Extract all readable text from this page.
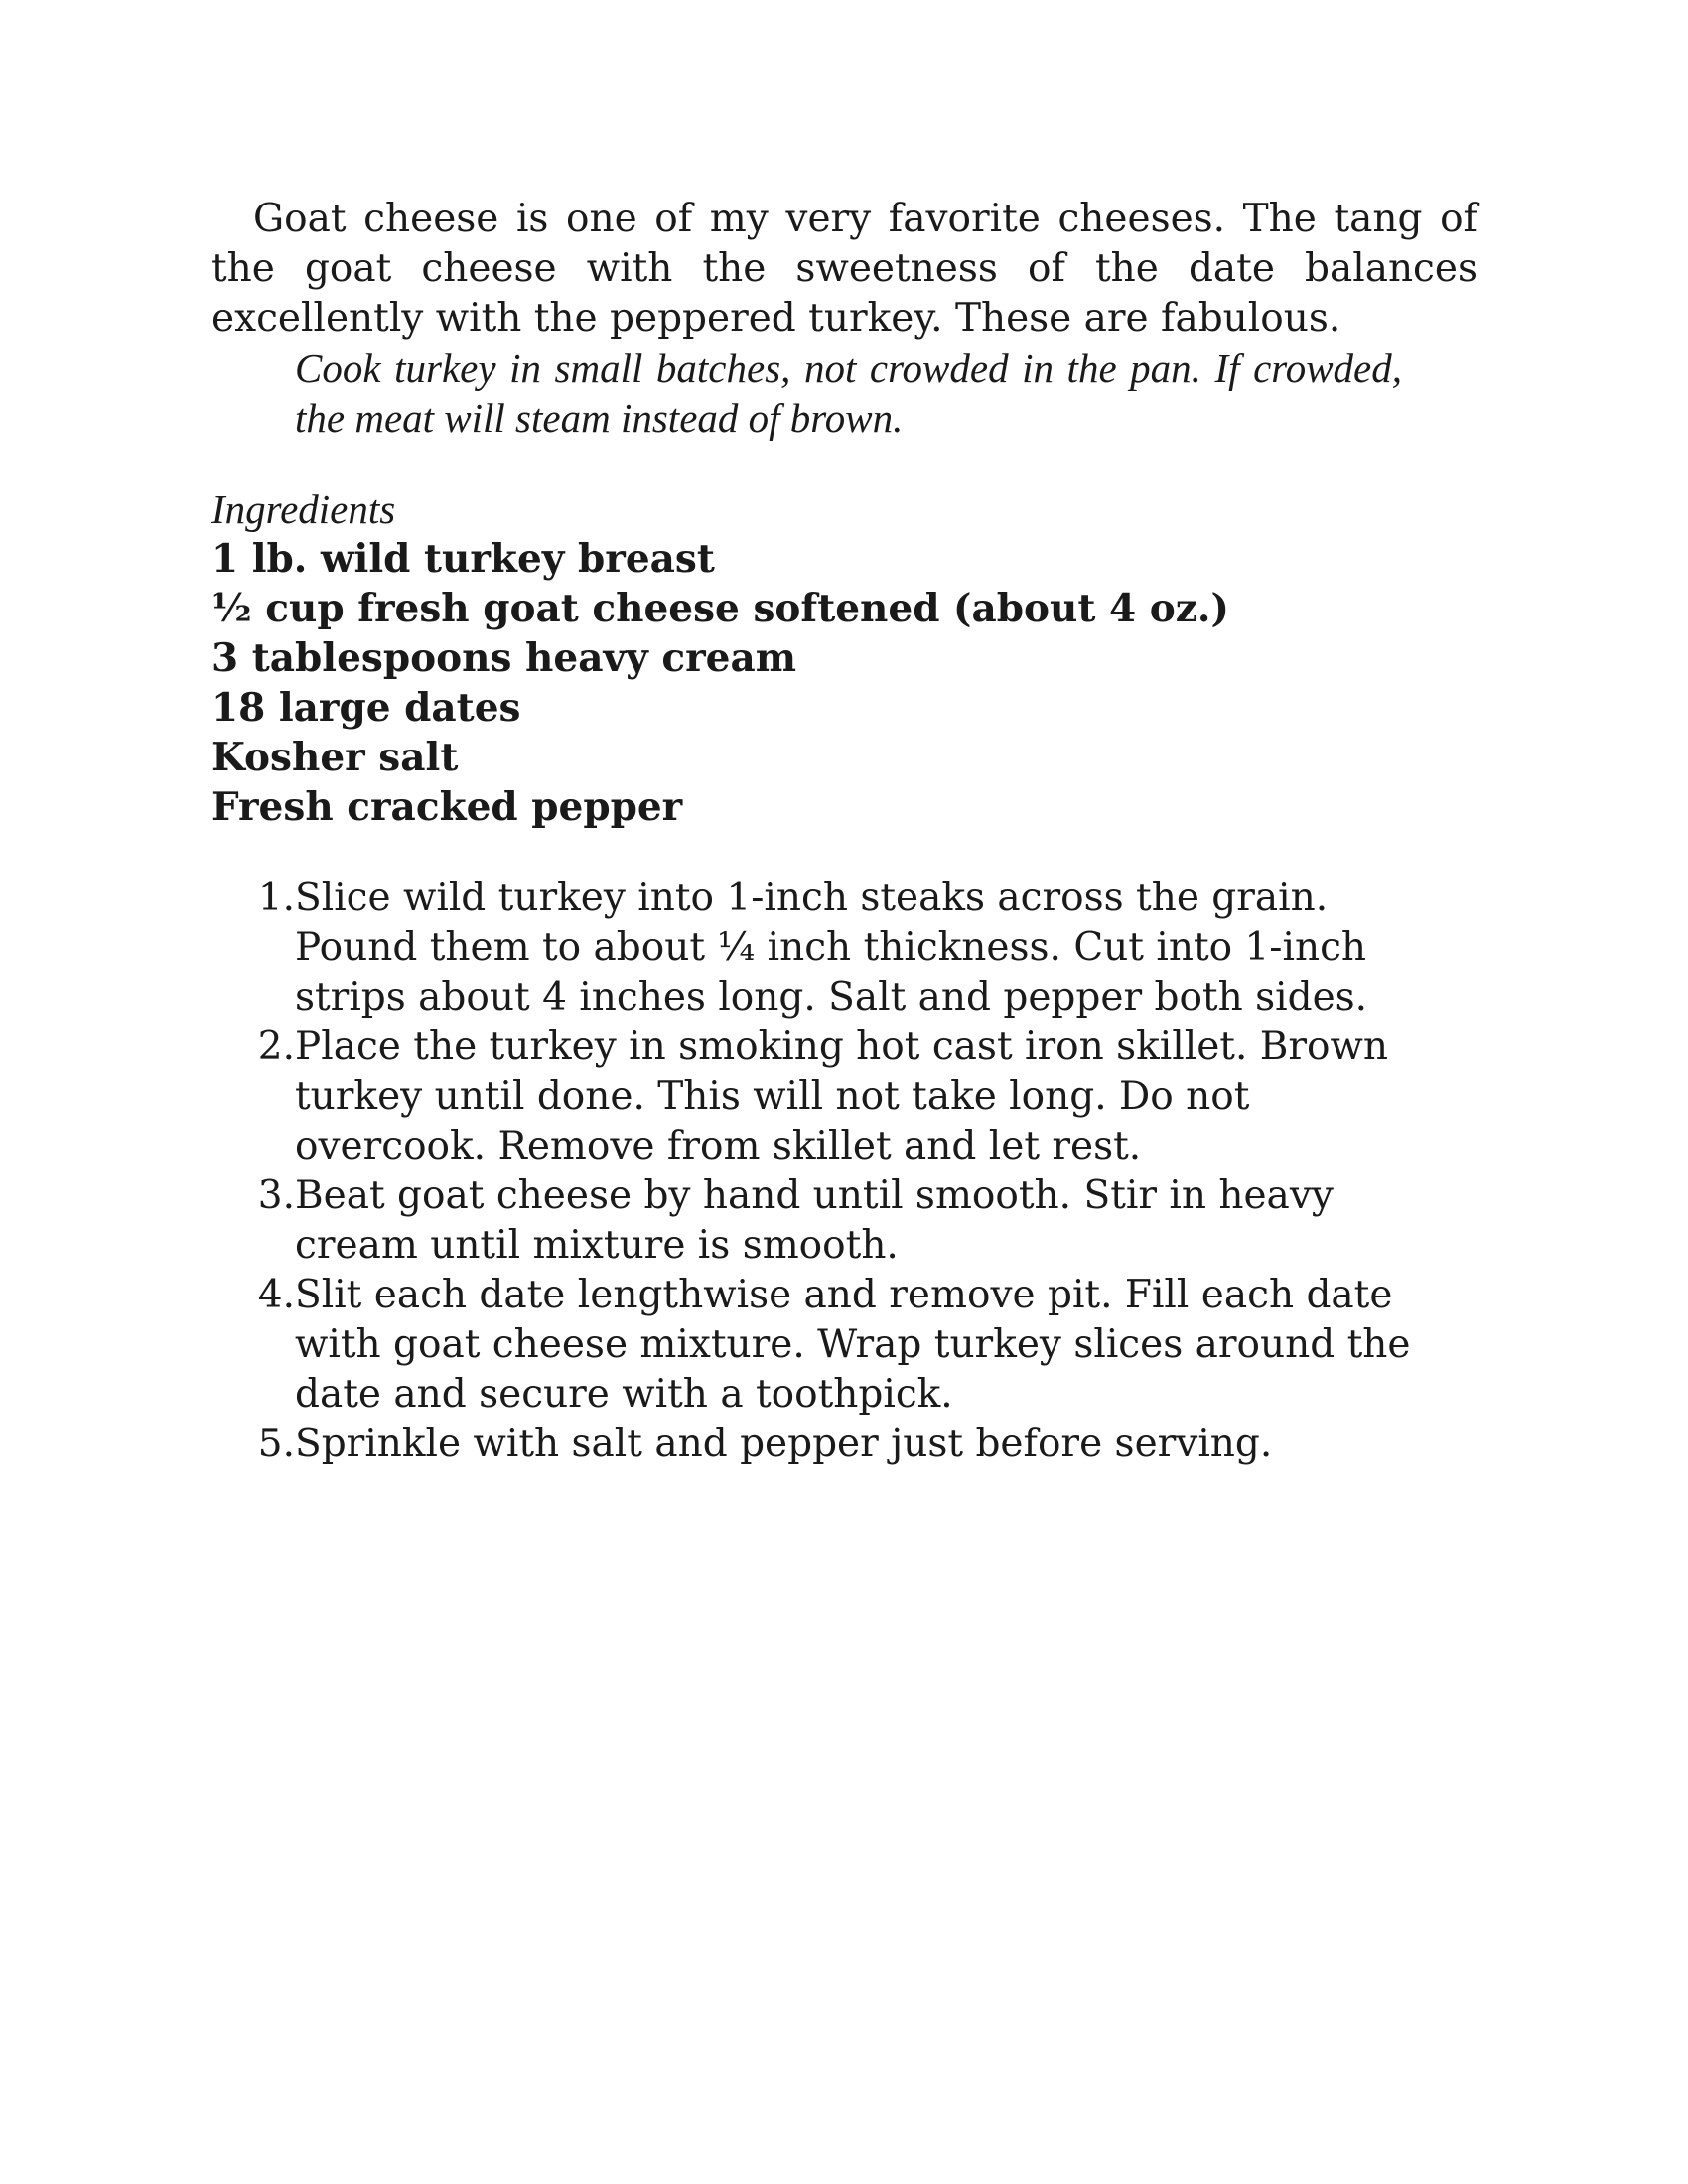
Goat cheese is one of my very favorite cheeses. The tang of the goat cheese with the sweetness of the date balances excellently with the peppered turkey. These are fabulous.

Cook turkey in small batches, not crowded in the pan. If crowded, the meat will steam instead of brown.

Ingredients
1 lb. wild turkey breast
½ cup fresh goat cheese softened (about 4 oz.)
3 tablespoons heavy cream
18 large dates
Kosher salt
Fresh cracked pepper
1. Slice wild turkey into 1-inch steaks across the grain. Pound them to about ¼ inch thickness. Cut into 1-inch strips about 4 inches long. Salt and pepper both sides.
2. Place the turkey in smoking hot cast iron skillet. Brown turkey until done. This will not take long. Do not overcook. Remove from skillet and let rest.
3. Beat goat cheese by hand until smooth. Stir in heavy cream until mixture is smooth.
4. Slit each date lengthwise and remove pit. Fill each date with goat cheese mixture. Wrap turkey slices around the date and secure with a toothpick.
5. Sprinkle with salt and pepper just before serving.
